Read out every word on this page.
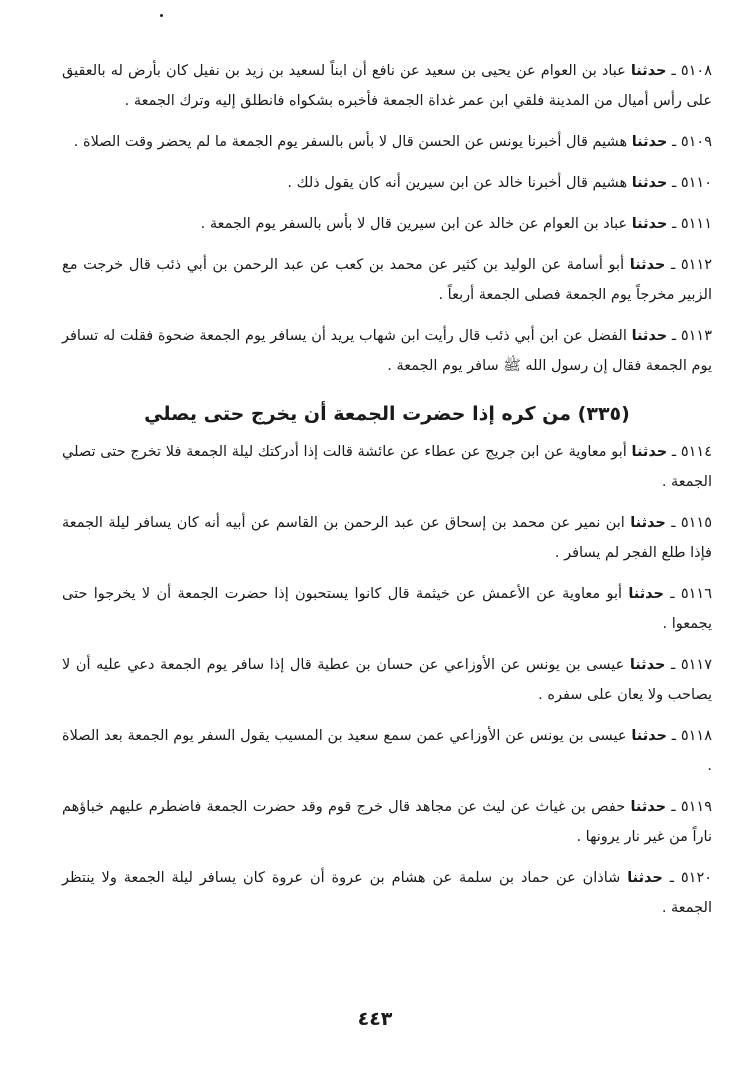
٥١٠٨ ـ حدثنا عباد بن العوام عن يحيى بن سعيد عن نافع أن ابناً لسعيد بن زيد بن نفيل كان بأرض له بالعقيق على رأس أميال من المدينة فلقي ابن عمر غداة الجمعة فأخبره بشكواه فانطلق إليه وترك الجمعة .

٥١٠٩ ـ حدثنا هشيم قال أخبرنا يونس عن الحسن قال لا بأس بالسفر يوم الجمعة ما لم يحضر وقت الصلاة .

٥١١٠ ـ حدثنا هشيم قال أخبرنا خالد عن ابن سيرين أنه كان يقول ذلك .

٥١١١ ـ حدثنا عباد بن العوام عن خالد عن ابن سيرين قال لا بأس بالسفر يوم الجمعة .

٥١١٢ ـ حدثنا أبو أسامة عن الوليد بن كثير عن محمد بن كعب عن عبد الرحمن بن أبي ذئب قال خرجت مع الزبير مخرجاً يوم الجمعة فصلى الجمعة أربعاً .

٥١١٣ ـ حدثنا الفضل عن ابن أبي ذئب قال رأيت ابن شهاب يريد أن يسافر يوم الجمعة ضحوة فقلت له تسافر يوم الجمعة فقال إن رسول الله ﷺ سافر يوم الجمعة .

(٣٣٥) من كره إذا حضرت الجمعة أن يخرج حتى يصلي

٥١١٤ ـ حدثنا أبو معاوية عن ابن جريج عن عطاء عن عائشة قالت إذا أدركتك ليلة الجمعة فلا تخرج حتى تصلي الجمعة .

٥١١٥ ـ حدثنا ابن نمير عن محمد بن إسحاق عن عبد الرحمن بن القاسم عن أبيه أنه كان يسافر ليلة الجمعة فإذا طلع الفجر لم يسافر .

٥١١٦ ـ حدثنا أبو معاوية عن الأعمش عن خيثمة قال كانوا يستحبون إذا حضرت الجمعة أن لا يخرجوا حتى يجمعوا .

٥١١٧ ـ حدثنا عيسى بن يونس عن الأوزاعي عن حسان بن عطية قال إذا سافر يوم الجمعة دعي عليه أن لا يصاحب ولا يعان على سفره .

٥١١٨ ـ حدثنا عيسى بن يونس عن الأوزاعي عمن سمع سعيد بن المسيب يقول السفر يوم الجمعة بعد الصلاة .

٥١١٩ ـ حدثنا حفص بن غياث عن ليث عن مجاهد قال خرج قوم وقد حضرت الجمعة فاضطرم عليهم خباؤهم ناراً من غير نار يرونها .

٥١٢٠ ـ حدثنا شاذان عن حماد بن سلمة عن هشام بن عروة أن عروة كان يسافر ليلة الجمعة ولا ينتظر الجمعة .

٤٤٣
